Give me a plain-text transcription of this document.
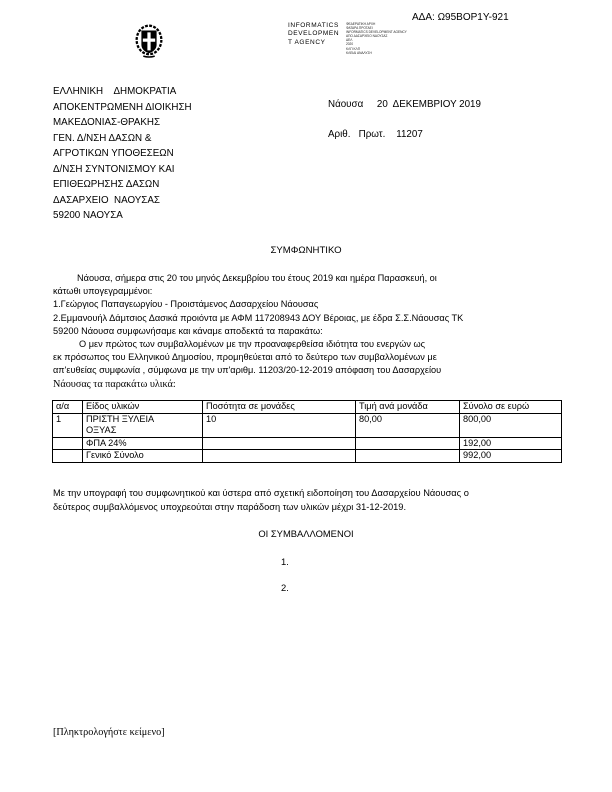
ΑΔΑ: Ω95ΒΟΡ1Υ-921
INFORMATICS
DEVELOPMEN
T AGENCY
ΦΕΔΕΡΑΤΙΚΗ ΑΡΧΗ
ΦΑΤΑΡΑ ΠΡΟΤΑΕΙ
INFORMATICS DEVELOPMENT AGENCY
ΑΠΟ ΔΑΣΑΡΧΕΙΟ ΝΑΟΥΣΑΣ
ΔΕΛ
2020
ΚΛΠ ΚΛΠ
ΚΛΕΙΔΙ ΑΝΑΛΥΣΗ
ΕΛΛΗΝΙΚΗ    ΔΗΜΟΚΡΑΤΙΑ
ΑΠΟΚΕΝΤΡΩΜΕΝΗ ΔΙΟΙΚΗΣΗ
ΜΑΚΕΔΟΝΙΑΣ-ΘΡΑΚΗΣ
ΓΕΝ. Δ/ΝΣΗ ΔΑΣΩΝ &
ΑΓΡΟΤΙΚΩΝ ΥΠΟΘΕΣΕΩΝ
Δ/ΝΣΗ ΣΥΝΤΟΝΙΣΜΟΥ ΚΑΙ
ΕΠΙΘΕΩΡΗΣΗΣ ΔΑΣΩΝ
ΔΑΣΑΡΧΕΙΟ  ΝΑΟΥΣΑΣ
59200 ΝΑΟΥΣΑ
Νάουσα     20  ΔΕΚΕΜΒΡΙΟΥ 2019
Αριθ.   Πρωτ.    11207
ΣΥΜΦΩΝΗΤΙΚΟ
Νάουσα, σήμερα στις 20 του μηνός Δεκεμβρίου του έτους 2019 και ημέρα Παρασκευή, οι
κάτωθι υπογεγραμμένοι:
1.Γεώργιος Παπαγεωργίου - Προιστάμενος Δασαρχείου Νάουσας
2.Εμμανουήλ Δάμτσιος Δασικά προιόντα με ΑΦΜ 117208943 ΔΟΥ Βέροιας, με έδρα Σ.Σ.Νάουσας ΤΚ
59200 Νάουσα συμφωνήσαμε και κάναμε αποδεκτά τα παρακάτω:
Ο μεν πρώτος των συμβαλλομένων με την προαναφερθείσα ιδιότητα του ενεργών ως
εκ πρόσωπος του Ελληνικού Δημοσίου, προμηθεύεται από το δεύτερο των συμβαλλομένων με
απ'ευθείας συμφωνία , σύμφωνα με την υπ'αριθμ. 11203/20-12-2019 απόφαση του Δασαρχείου
Νάουσας τα παρακάτω υλικά:
α/α	Είδος υλικών	Ποσότητα σε μονάδες	Τιμή ανά μονάδα	Σύνολο σε ευρώ
1	ΠΡΙΣΤΗ ΞΥΛΕΙΑ
ΟΞΥΑΣ	10	80,00	800,00
	ΦΠΑ 24%			192,00
	Γενικό Σύνολο			992,00
Με την υπογραφή του συμφωνητικού και ύστερα από σχετική ειδοποίηση του Δασαρχείου Νάουσας ο
δεύτερος συμβαλλόμενος υποχρεούται στην παράδοση των υλικών μέχρι 31-12-2019.
ΟΙ ΣΥΜΒΑΛΛΟΜΕΝΟΙ
1.
2.
[Πληκτρολογήστε κείμενο]
